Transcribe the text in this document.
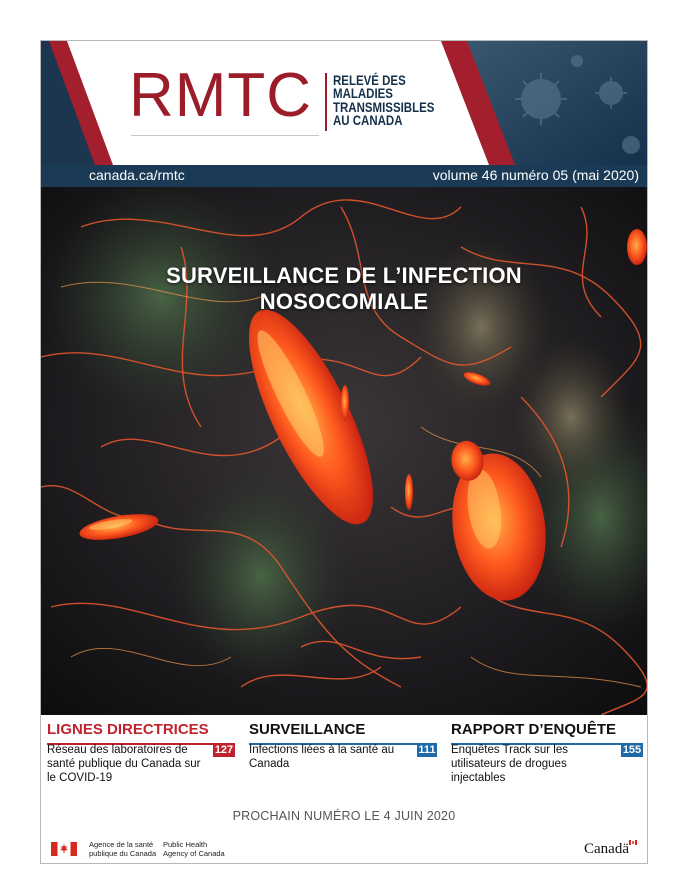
RMTC RELEVÉ DES
MALADIES
TRANSMISSIBLES
AU CANADA
canada.ca/rmtc	volume 46 numéro 05 (mai 2020)
SURVEILLANCE DE L’INFECTION
NOSOCOMIALE
LIGNES DIRECTRICES
Réseau des laboratoires de santé publique du Canada sur le COVID-19
127
SURVEILLANCE
Infections liées à la santé au Canada
111
RAPPORT D’ENQUÊTE
Enquêtes Track sur les utilisateurs de drogues injectables
155
PROCHAIN NUMÉRO LE 4 JUIN 2020
Agence de la santé
publique du Canada
Public Health
Agency of Canada	Canadä
